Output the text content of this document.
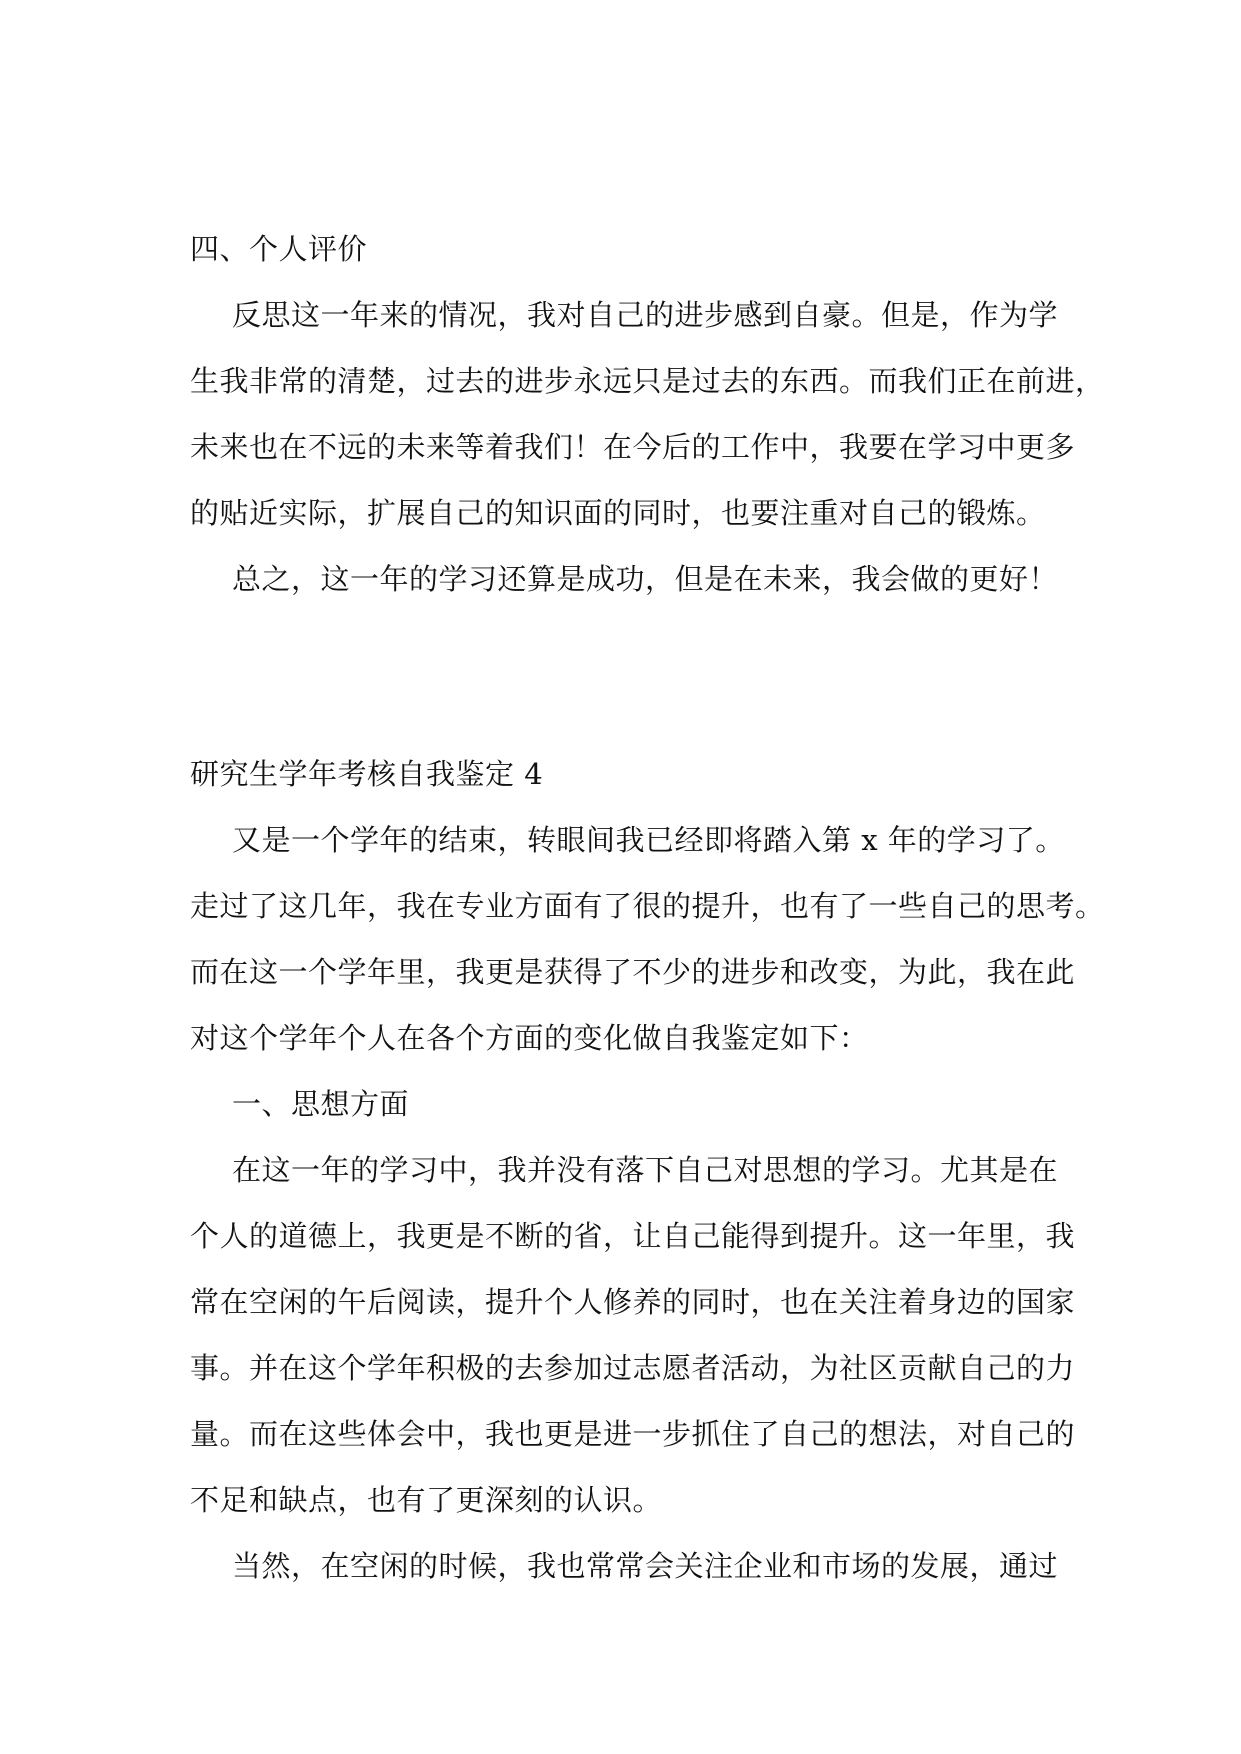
四、个人评价
反思这一年来的情况，我对自己的进步感到自豪。但是，作为学
生我非常的清楚，过去的进步永远只是过去的东西。而我们正在前进，
未来也在不远的未来等着我们！在今后的工作中，我要在学习中更多
的贴近实际，扩展自己的知识面的同时，也要注重对自己的锻炼。
总之，这一年的学习还算是成功，但是在未来，我会做的更好！
研究生学年考核自我鉴定 4
又是一个学年的结束，转眼间我已经即将踏入第 x 年的学习了。
走过了这几年，我在专业方面有了很的提升，也有了一些自己的思考。
而在这一个学年里，我更是获得了不少的进步和改变，为此，我在此
对这个学年个人在各个方面的变化做自我鉴定如下：
一、思想方面
在这一年的学习中，我并没有落下自己对思想的学习。尤其是在
个人的道德上，我更是不断的省，让自己能得到提升。这一年里，我
常在空闲的午后阅读，提升个人修养的同时，也在关注着身边的国家
事。并在这个学年积极的去参加过志愿者活动，为社区贡献自己的力
量。而在这些体会中，我也更是进一步抓住了自己的想法，对自己的
不足和缺点，也有了更深刻的认识。
当然，在空闲的时候，我也常常会关注企业和市场的发展，通过
